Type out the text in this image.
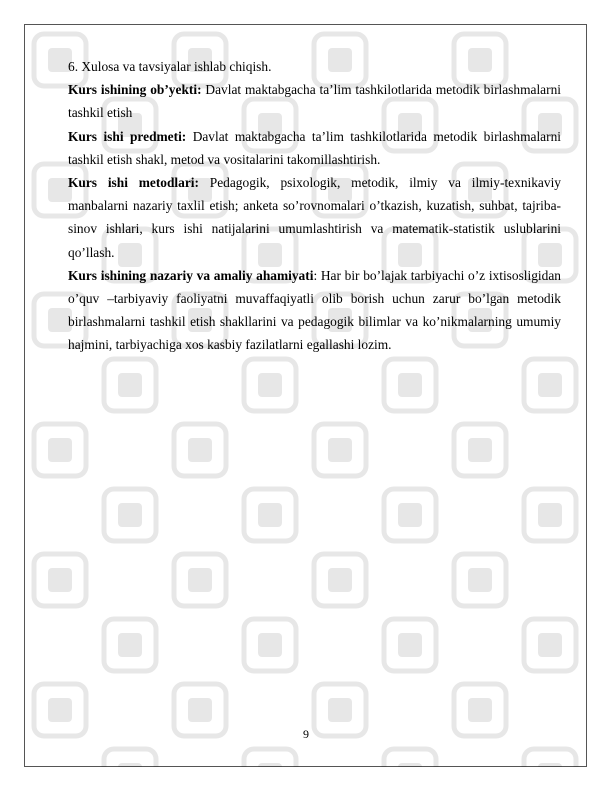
6. Xulosa va tavsiyalar ishlab chiqish.

Kurs ishining ob’yekti: Davlat maktabgacha ta’lim tashkilotlarida metodik birlashmalarni tashkil etish

Kurs ishi predmeti: Davlat maktabgacha ta’lim tashkilotlarida metodik birlashmalarni tashkil etish shakl, metod va vositalarini takomillashtirish.

Kurs ishi metodlari: Pedagogik, psixologik, metodik, ilmiy va ilmiy-texnikaviy manbalarni nazariy taxlil etish; anketa so’rovnomalari o’tkazish, kuzatish, suhbat, tajriba-sinov ishlari, kurs ishi natijalarini umumlashtirish va matematik-statistik uslublarini qo’llash.

Kurs ishining nazariy va amaliy ahamiyati: Har bir bo’lajak tarbiyachi o’z ixtisosligidan o’quv –tarbiyaviy faoliyatni muvaffaqiyatli olib borish uchun zarur bo’lgan metodik birlashmalarni tashkil etish shakllarini va pedagogik bilimlar va ko’nikmalarning umumiy hajmini, tarbiyachiga xos kasbiy fazilatlarni egallashi lozim.

9
